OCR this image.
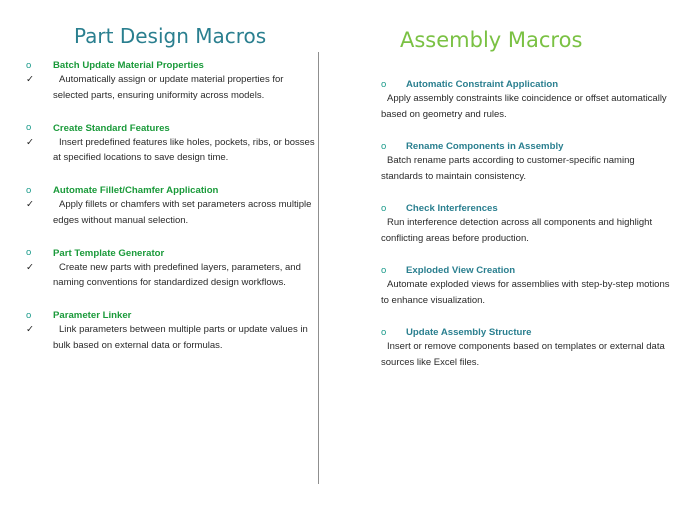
Part Design Macros	Assembly Macros
o	Batch Update Material Properties
✓	Automatically assign or update material properties for selected parts, ensuring uniformity across models.
o	Create Standard Features
✓	Insert predefined features like holes, pockets, ribs, or bosses at specified locations to save design time.
o	Automate Fillet/Chamfer Application
✓	Apply fillets or chamfers with set parameters across multiple edges without manual selection.
o	Part Template Generator
✓	Create new parts with predefined layers, parameters, and naming conventions for standardized design workflows.
o	Parameter Linker
✓	Link parameters between multiple parts or update values in bulk based on external data or formulas.
o	Automatic Constraint Application
Apply assembly constraints like coincidence or offset automatically based on geometry and rules.
o	Rename Components in Assembly
Batch rename parts according to customer-specific naming standards to maintain consistency.
o	Check Interferences
Run interference detection across all components and highlight conflicting areas before production.
o	Exploded View Creation
Automate exploded views for assemblies with step-by-step motions to enhance visualization.
o	Update Assembly Structure
Insert or remove components based on templates or external data sources like Excel files.
